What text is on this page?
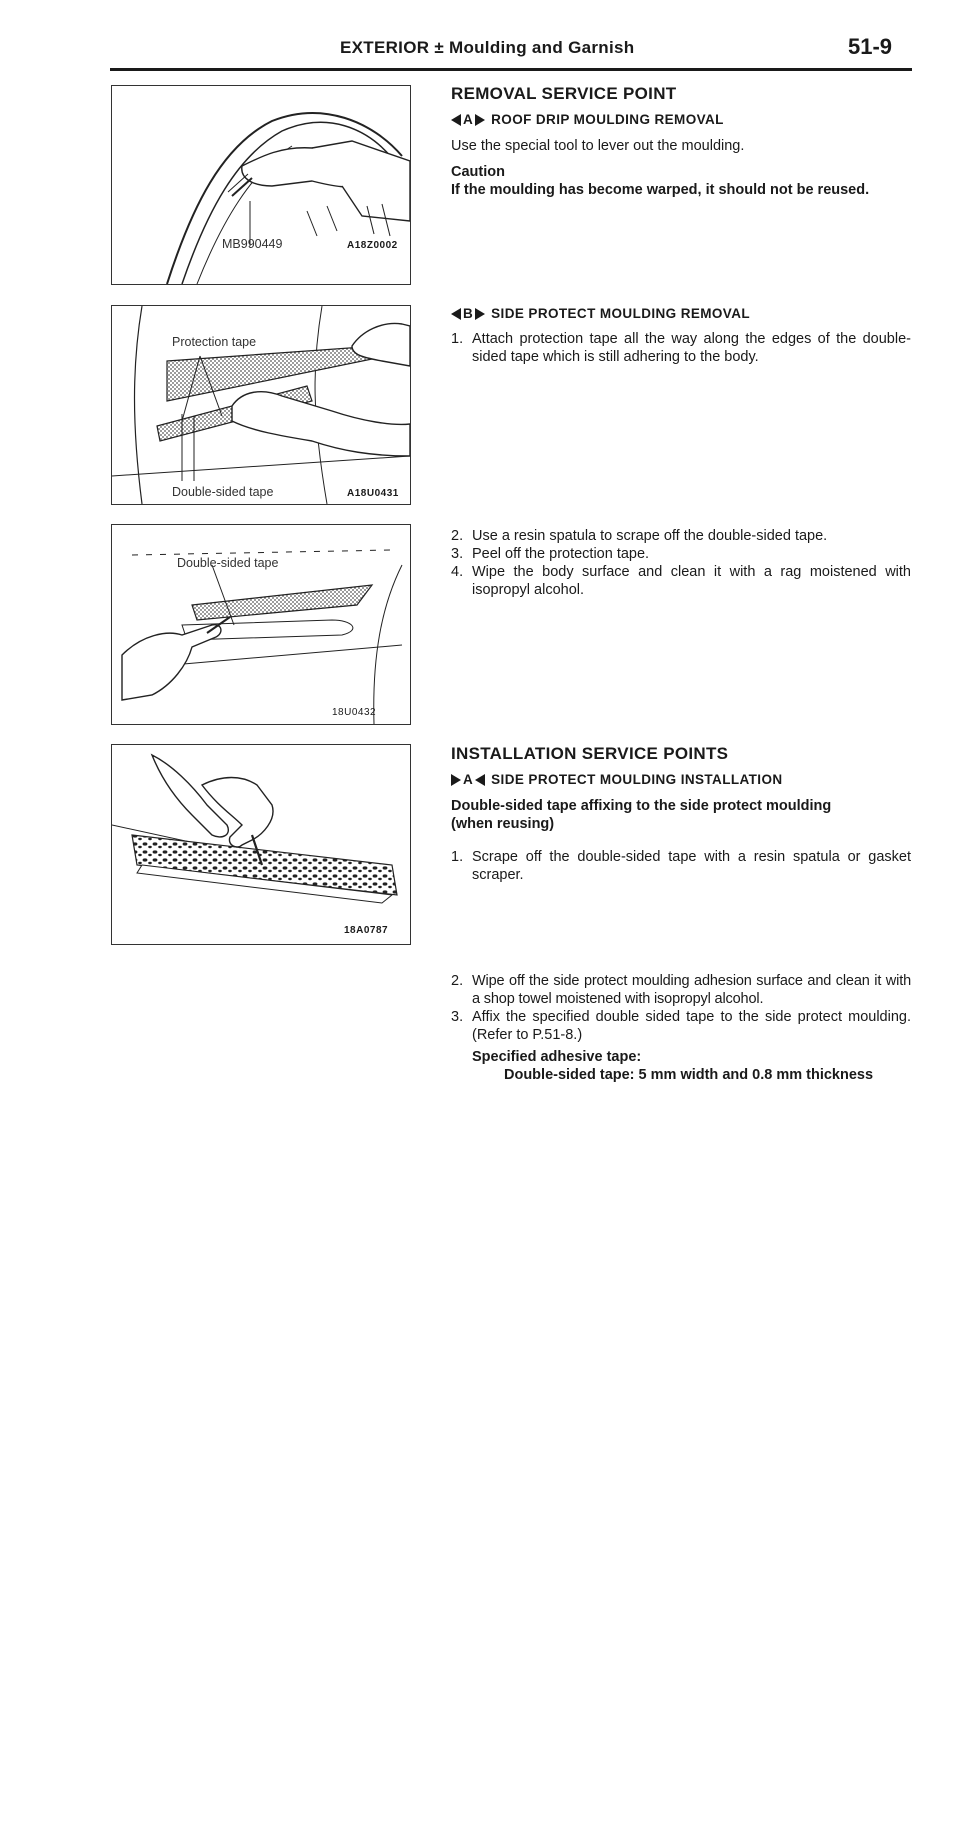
EXTERIOR ± Moulding and Garnish	51-9
MB990449	A18Z0002
Protection tape
Double-sided tape	A18U0431
Double-sided tape
18U0432
18A0787
REMOVAL SERVICE POINT
A ROOF DRIP MOULDING REMOVAL
Use the special tool to lever out the moulding.
Caution
If the moulding has become warped, it should not be reused.
B SIDE PROTECT MOULDING REMOVAL
1. Attach protection tape all the way along the edges of the double-sided tape which is still adhering to the body.
2. Use a resin spatula to scrape off the double-sided tape.
3. Peel off the protection tape.
4. Wipe the body surface and clean it with a rag moistened with isopropyl alcohol.
INSTALLATION SERVICE POINTS
A SIDE PROTECT MOULDING INSTALLATION
Double-sided tape affixing to the side protect moulding (when reusing)
1. Scrape off the double-sided tape with a resin spatula or gasket scraper.
2. Wipe off the side protect moulding adhesion surface and clean it with a shop towel moistened with isopropyl alcohol.
3. Affix the specified double sided tape to the side protect moulding. (Refer to P.51-8.)
Specified adhesive tape:
Double-sided tape: 5 mm width and 0.8 mm thickness
